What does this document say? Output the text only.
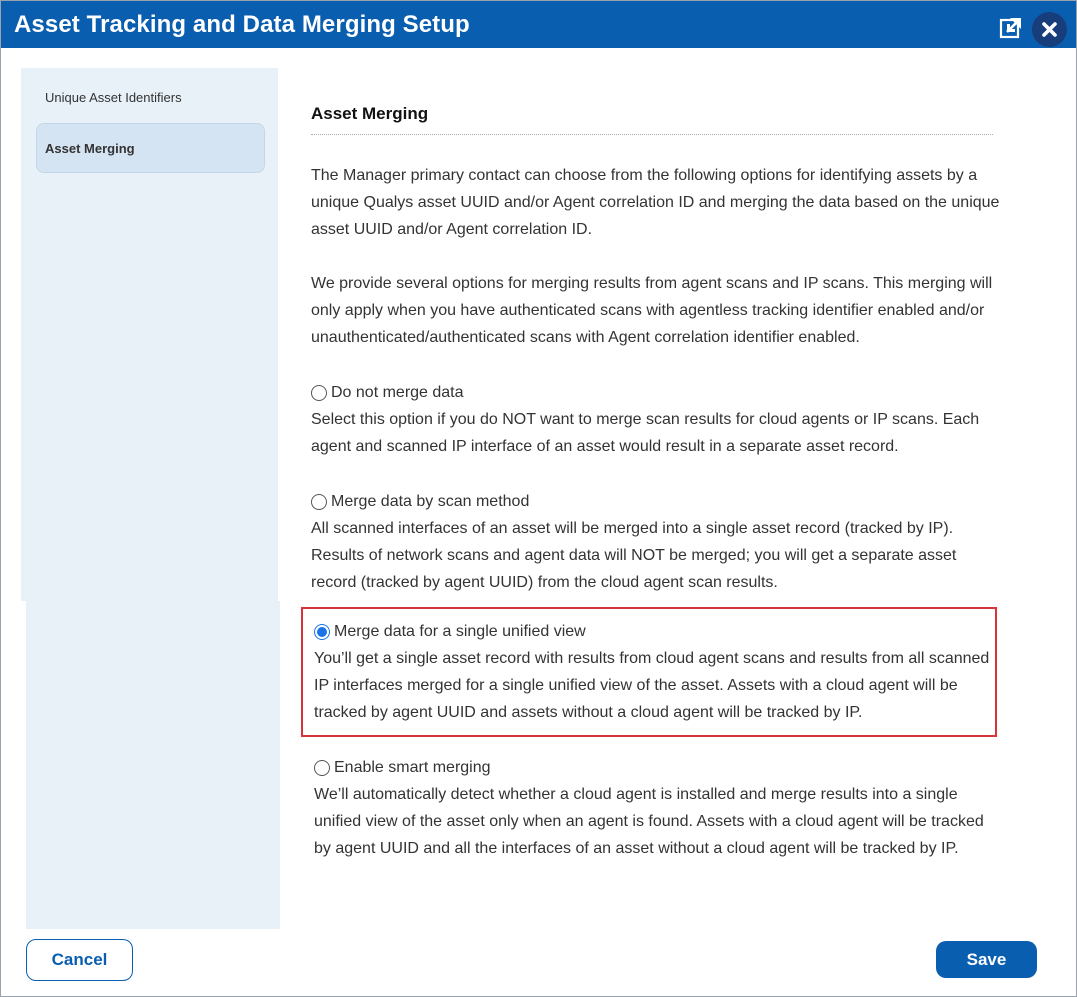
Asset Tracking and Data Merging Setup
Unique Asset Identifiers
Asset Merging
Asset Merging
The Manager primary contact can choose from the following options for identifying assets by a unique Qualys asset UUID and/or Agent correlation ID and merging the data based on the unique asset UUID and/or Agent correlation ID.
We provide several options for merging results from agent scans and IP scans. This merging will only apply when you have authenticated scans with agentless tracking identifier enabled and/or unauthenticated/authenticated scans with Agent correlation identifier enabled.
Do not merge data
Select this option if you do NOT want to merge scan results for cloud agents or IP scans. Each agent and scanned IP interface of an asset would result in a separate asset record.
Merge data by scan method
All scanned interfaces of an asset will be merged into a single asset record (tracked by IP). Results of network scans and agent data will NOT be merged; you will get a separate asset record (tracked by agent UUID) from the cloud agent scan results.
Merge data for a single unified view
You’ll get a single asset record with results from cloud agent scans and results from all scanned IP interfaces merged for a single unified view of the asset. Assets with a cloud agent will be tracked by agent UUID and assets without a cloud agent will be tracked by IP.
Enable smart merging
We’ll automatically detect whether a cloud agent is installed and merge results into a single unified view of the asset only when an agent is found. Assets with a cloud agent will be tracked by agent UUID and all the interfaces of an asset without a cloud agent will be tracked by IP.
Cancel	Save
